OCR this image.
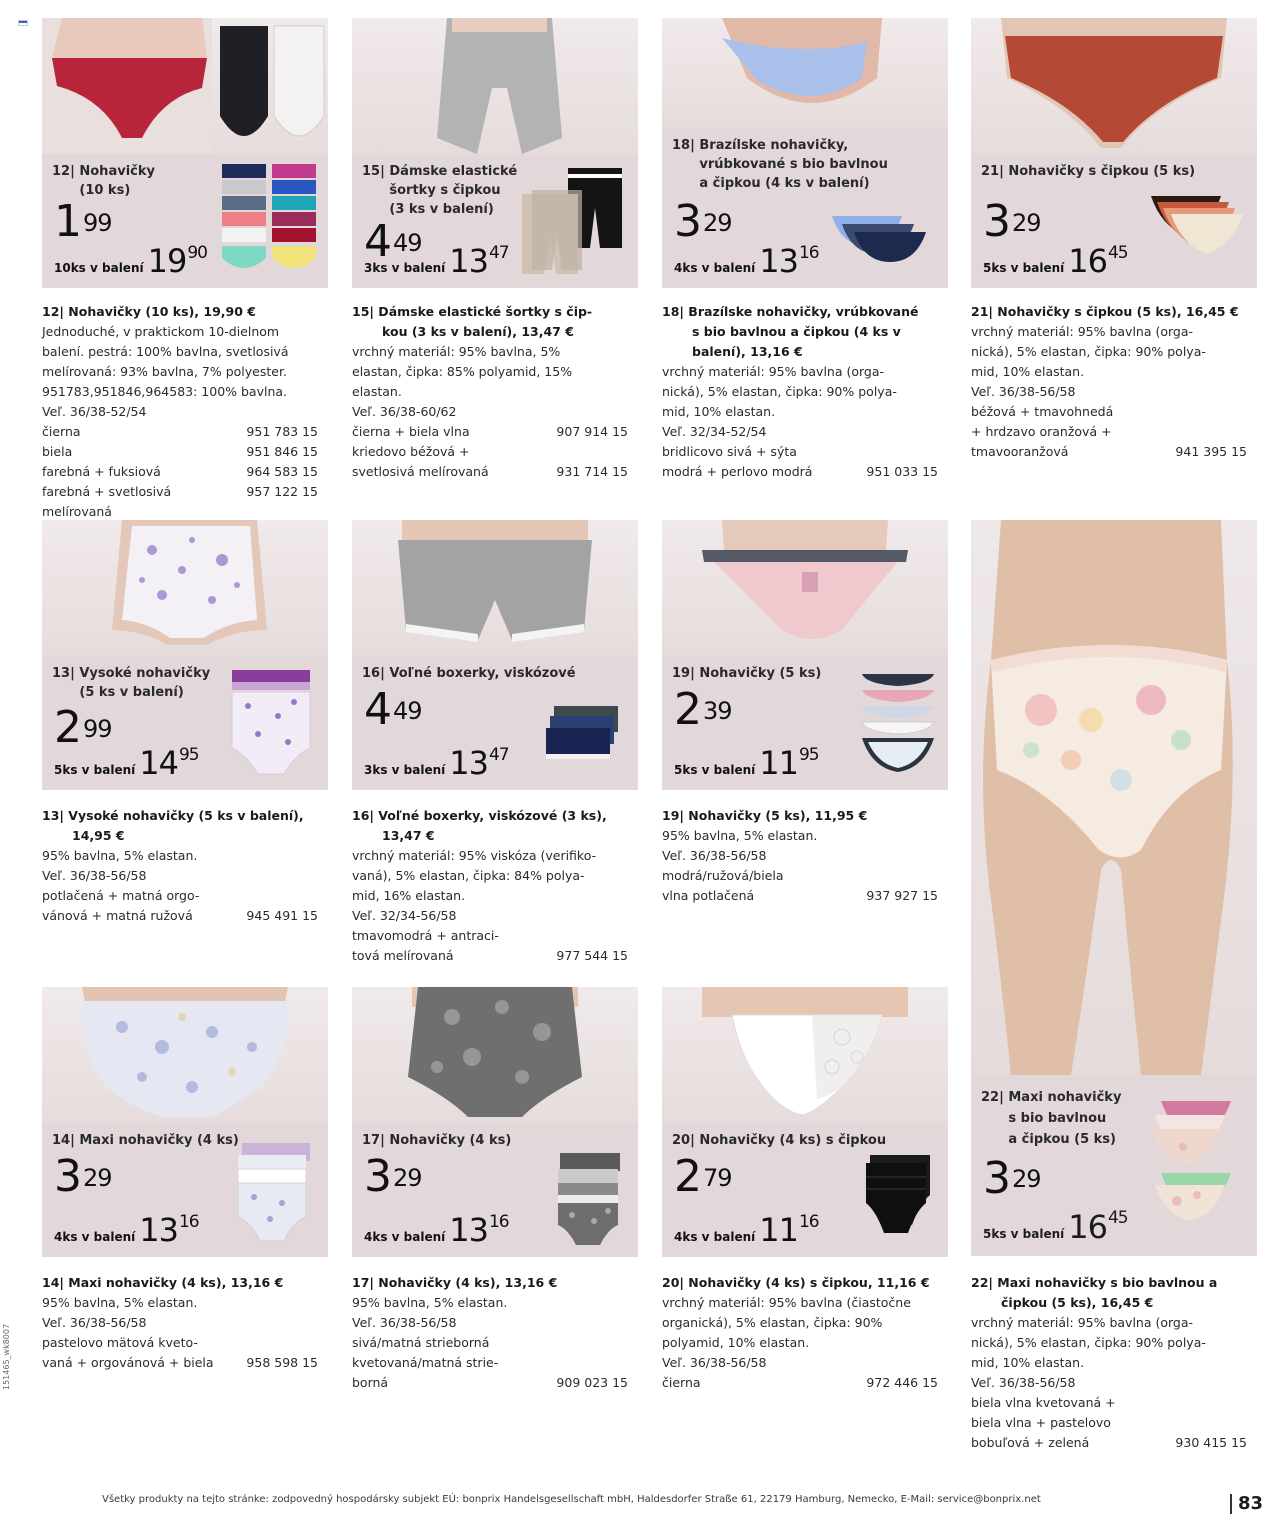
12| Nohavičky
(10 ks)
$1^{99}$
10ks v balení $19^{90}$
15| Dámske elastické
šortky s čipkou
(3 ks v balení)
$4^{49}$
3ks v balení $13^{47}$
18| Brazílske nohavičky,
vrúbkované s bio bavlnou
a čipkou (4 ks v balení)
$3^{29}$
4ks v balení $13^{16}$
21| Nohavičky s čipkou (5 ks)
$3^{29}$
5ks v balení $16^{45}$
12| Nohavičky (10 ks), 19,90 €
Jednoduché, v praktickom 10-dielnom
balení. pestrá: 100% bavlna, svetlosivá
melírovaná: 93% bavlna, 7% polyester.
951783,951846,964583: 100% bavlna.
Veľ. 36/38-52/54
čierna	951 783 15
biela	951 846 15
farebná + fuksiová	964 583 15
farebná + svetlosivá	957 122 15
melírovaná
15| Dámske elastické šortky s čip-
kou (3 ks v balení), 13,47 €
vrchný materiál: 95% bavlna, 5%
elastan, čipka: 85% polyamid, 15%
elastan.
Veľ. 36/38-60/62
čierna + biela vlna	907 914 15
kriedovo béžová +
svetlosivá melírovaná	931 714 15
18| Brazílske nohavičky, vrúbkované
s bio bavlnou a čipkou (4 ks v
balení), 13,16 €
vrchný materiál: 95% bavlna (orga-
nická), 5% elastan, čipka: 90% polya-
mid, 10% elastan.
Veľ. 32/34-52/54
bridlicovo sivá + sýta
modrá + perlovo modrá	951 033 15
21| Nohavičky s čipkou (5 ks), 16,45 €
vrchný materiál: 95% bavlna (orga-
nická), 5% elastan, čipka: 90% polya-
mid, 10% elastan.
Veľ. 36/38-56/58
béžová + tmavohnedá
+ hrdzavo oranžová +
tmavooranžová	941 395 15
13| Vysoké nohavičky
(5 ks v balení)
$2^{99}$
5ks v balení $14^{95}$
16| Voľné boxerky, viskózové
$4^{49}$
3ks v balení $13^{47}$
19| Nohavičky (5 ks)
$2^{39}$
5ks v balení $11^{95}$
22| Maxi nohavičky
s bio bavlnou
a čipkou (5 ks)
$3^{29}$
5ks v balení $16^{45}$
13| Vysoké nohavičky (5 ks v balení),
14,95 €
95% bavlna, 5% elastan.
Veľ. 36/38-56/58
potlačená + matná orgo-
vánová + matná ružová	945 491 15
16| Voľné boxerky, viskózové (3 ks),
13,47 €
vrchný materiál: 95% viskóza (verifiko-
vaná), 5% elastan, čipka: 84% polya-
mid, 16% elastan.
Veľ. 32/34-56/58
tmavomodrá + antraci-
tová melírovaná	977 544 15
19| Nohavičky (5 ks), 11,95 €
95% bavlna, 5% elastan.
Veľ. 36/38-56/58
modrá/ružová/biela
vlna potlačená	937 927 15
14| Maxi nohavičky (4 ks)
$3^{29}$
4ks v balení $13^{16}$
17| Nohavičky (4 ks)
$3^{29}$
4ks v balení $13^{16}$
20| Nohavičky (4 ks) s čipkou
$2^{79}$
4ks v balení $11^{16}$
14| Maxi nohavičky (4 ks), 13,16 €
95% bavlna, 5% elastan.
Veľ. 36/38-56/58
pastelovo mätová kveto-
vaná + orgovánová + biela	958 598 15
17| Nohavičky (4 ks), 13,16 €
95% bavlna, 5% elastan.
Veľ. 36/38-56/58
sivá/matná strieborná
kvetovaná/matná strie-
borná	909 023 15
20| Nohavičky (4 ks) s čipkou, 11,16 €
vrchný materiál: 95% bavlna (čiastočne
organická), 5% elastan, čipka: 90%
polyamid, 10% elastan.
Veľ. 36/38-56/58
čierna	972 446 15
22| Maxi nohavičky s bio bavlnou a
čipkou (5 ks), 16,45 €
vrchný materiál: 95% bavlna (orga-
nická), 5% elastan, čipka: 90% polya-
mid, 10% elastan.
Veľ. 36/38-56/58
biela vlna kvetovaná +
biela vlna + pastelovo
bobuľová + zelená	930 415 15
151465_wk8007
Všetky produkty na tejto stránke: zodpovedný hospodársky subjekt EÚ: bonprix Handelsgesellschaft mbH, Haldesdorfer Straße 61, 22179 Hamburg, Nemecko, E-Mail: service@bonprix.net	83
